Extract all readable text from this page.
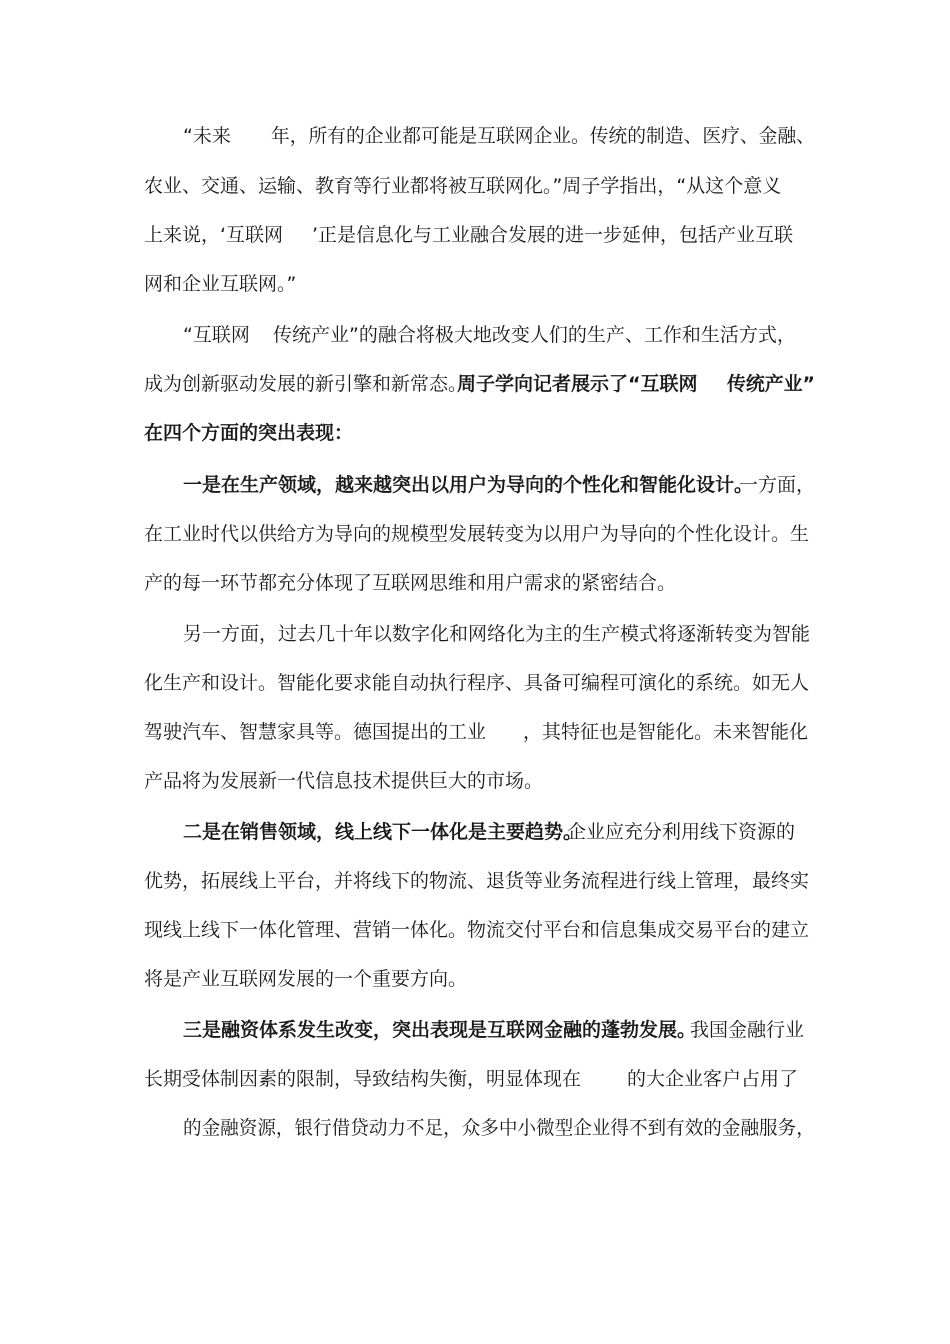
“未来 年，所有的企业都可能是互联网企业。传统的制造、医疗、金融、
农业、交通、运输、教育等行业都将被互联网化。”周子学指出，“从这个意义
上来说，‘互联网 ’正是信息化与工业融合发展的进一步延伸，包括产业互联
网和企业互联网。”
“互联网 传统产业”的融合将极大地改变人们的生产、工作和生活方式，
成为创新驱动发展的新引擎和新常态。
周子学向记者展示了“互联网 传统产业”
在四个方面的突出表现：
一是在生产领域，越来越突出以用户为导向的个性化和智能化设计。
一方面，
在工业时代以供给方为导向的规模型发展转变为以用户为导向的个性化设计。生
产的每一环节都充分体现了互联网思维和用户需求的紧密结合。
另一方面，过去几十年以数字化和网络化为主的生产模式将逐渐转变为智能
化生产和设计。智能化要求能自动执行程序、具备可编程可演化的系统。如无人
驾驶汽车、智慧家具等。德国提出的工业 ，其特征也是智能化。未来智能化
产品将为发展新一代信息技术提供巨大的市场。
二是在销售领域，线上线下一体化是主要趋势。
企业应充分利用线下资源的
优势，拓展线上平台，并将线下的物流、退货等业务流程进行线上管理，最终实
现线上线下一体化管理、营销一体化。物流交付平台和信息集成交易平台的建立
将是产业互联网发展的一个重要方向。
三是融资体系发生改变，突出表现是互联网金融的蓬勃发展。
我国金融行业
长期受体制因素的限制，导致结构失衡，明显体现在 的大企业客户占用了
的金融资源，银行借贷动力不足，众多中小微型企业得不到有效的金融服务，
